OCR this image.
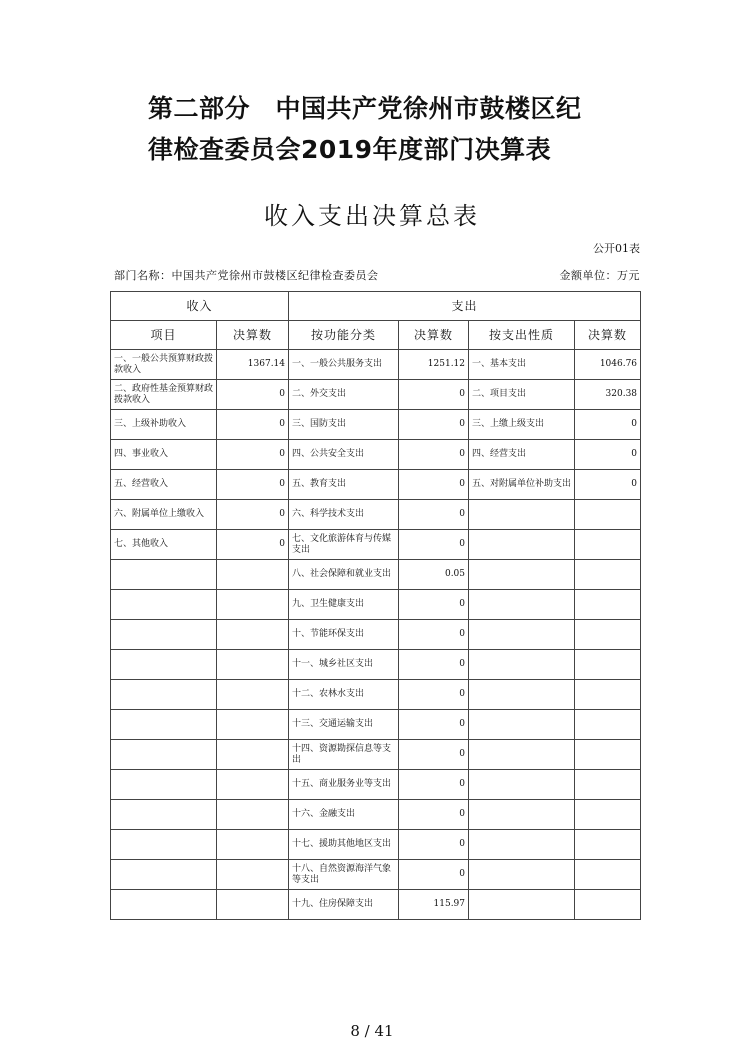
第二部分　中国共产党徐州市鼓楼区纪
律检查委员会2019年度部门决算表
收入支出决算总表
公开01表
部门名称：中国共产党徐州市鼓楼区纪律检查委员会	金额单位：万元
收入		支出			
项目	决算数	按功能分类	决算数	按支出性质	决算数
一、一般公共预算财政拨款收入	1367.14	一、一般公共服务支出	1251.12	一、基本支出	1046.76
二、政府性基金预算财政拨款收入	0	二、外交支出	0	二、项目支出	320.38
三、上级补助收入	0	三、国防支出	0	三、上缴上级支出	0
四、事业收入	0	四、公共安全支出	0	四、经营支出	0
五、经营收入	0	五、教育支出	0	五、对附属单位补助支出	0
六、附属单位上缴收入	0	六、科学技术支出	0		
七、其他收入	0	七、文化旅游体育与传媒支出	0		
		八、社会保障和就业支出	0.05		
		九、卫生健康支出	0		
		十、节能环保支出	0		
		十一、城乡社区支出	0		
		十二、农林水支出	0		
		十三、交通运输支出	0		
		十四、资源勘探信息等支出	0		
		十五、商业服务业等支出	0		
		十六、金融支出	0		
		十七、援助其他地区支出	0		
		十八、自然资源海洋气象等支出	0		
		十九、住房保障支出	115.97		
8 / 41
